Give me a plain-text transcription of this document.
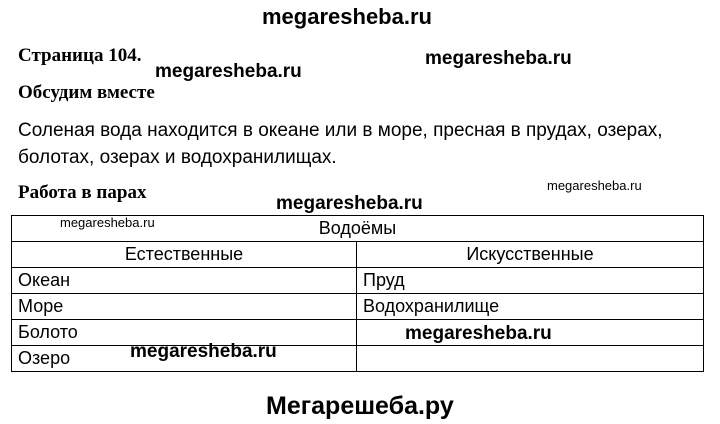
megaresheba.ru
Страница 104.
megaresheba.ru
megaresheba.ru
Обсудим вместе
Соленая вода находится в океане или в море, пресная в прудах, озерах,
болотах, озерах и водохранилищах.
Работа в парах	megaresheba.ru
megaresheba.ru
megaresheba.ru	Водоёмы	
Естественные	Искусственные
Океан	Пруд
Море	Водохранилище
Болото	
Озеро	
megaresheba.ru
megaresheba.ru
Мегарешеба.ру
